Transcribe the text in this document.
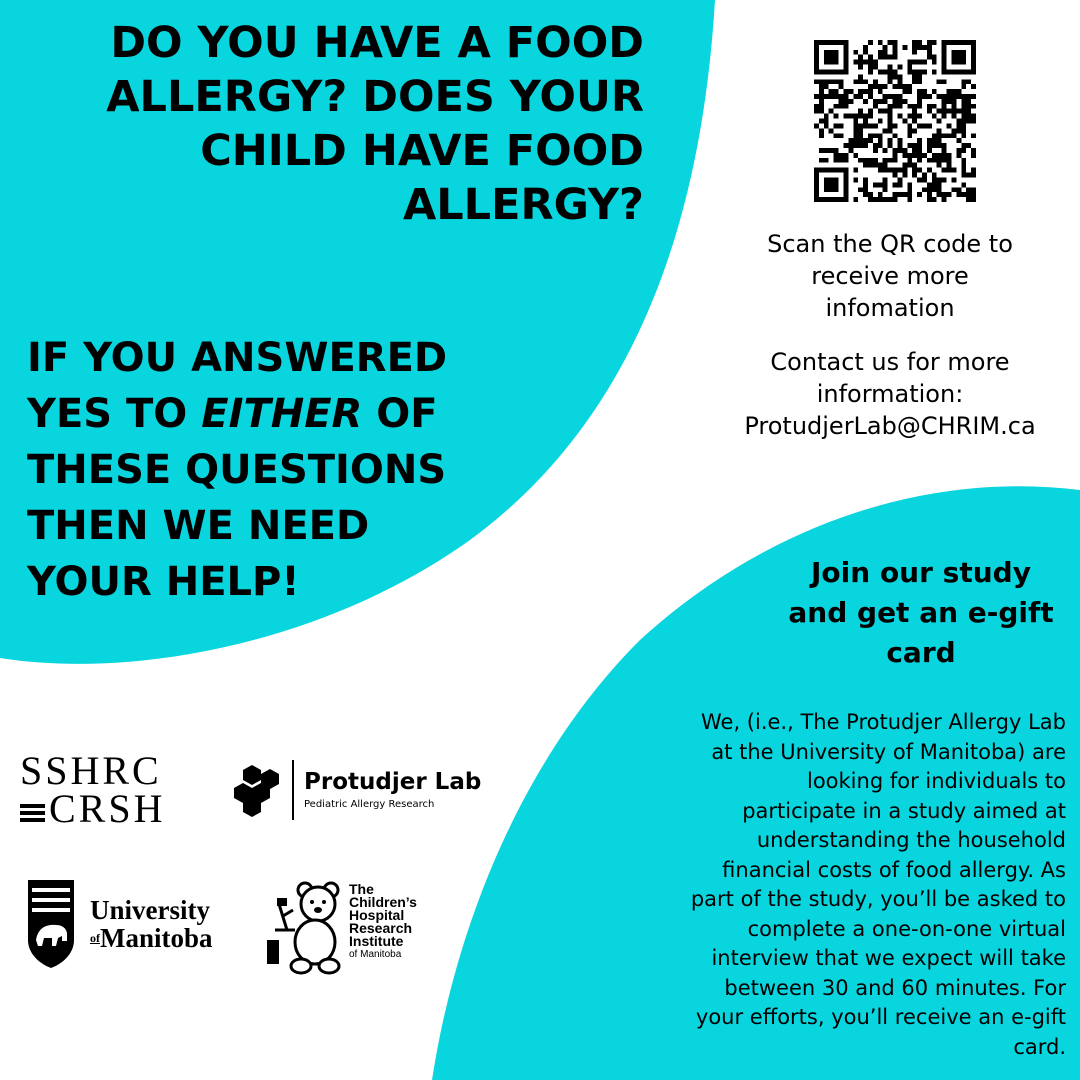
DO YOU HAVE A FOOD
ALLERGY? DOES YOUR
CHILD HAVE FOOD
ALLERGY?
IF YOU ANSWERED
YES TO EITHER OF
THESE QUESTIONS
THEN WE NEED
YOUR HELP!
Scan the QR code to
receive more
infomation
Contact us for more
information:
ProtudjerLab@CHRIM.ca
Join our study
and get an e-gift
card
We, (i.e., The Protudjer Allergy Lab
at the University of Manitoba) are
looking for individuals to
participate in a study aimed at
understanding the household
financial costs of food allergy. As
part of the study, you’ll be asked to
complete a one-on-one virtual
interview that we expect will take
between 30 and 60 minutes. For
your efforts, you’ll receive an e-gift
card.
SSHRC
CRSH
Protudjer Lab
Pediatric Allergy Research
University
$^{of}$Manitoba
The
Children’s
Hospital
Research
Institute
of Manitoba
